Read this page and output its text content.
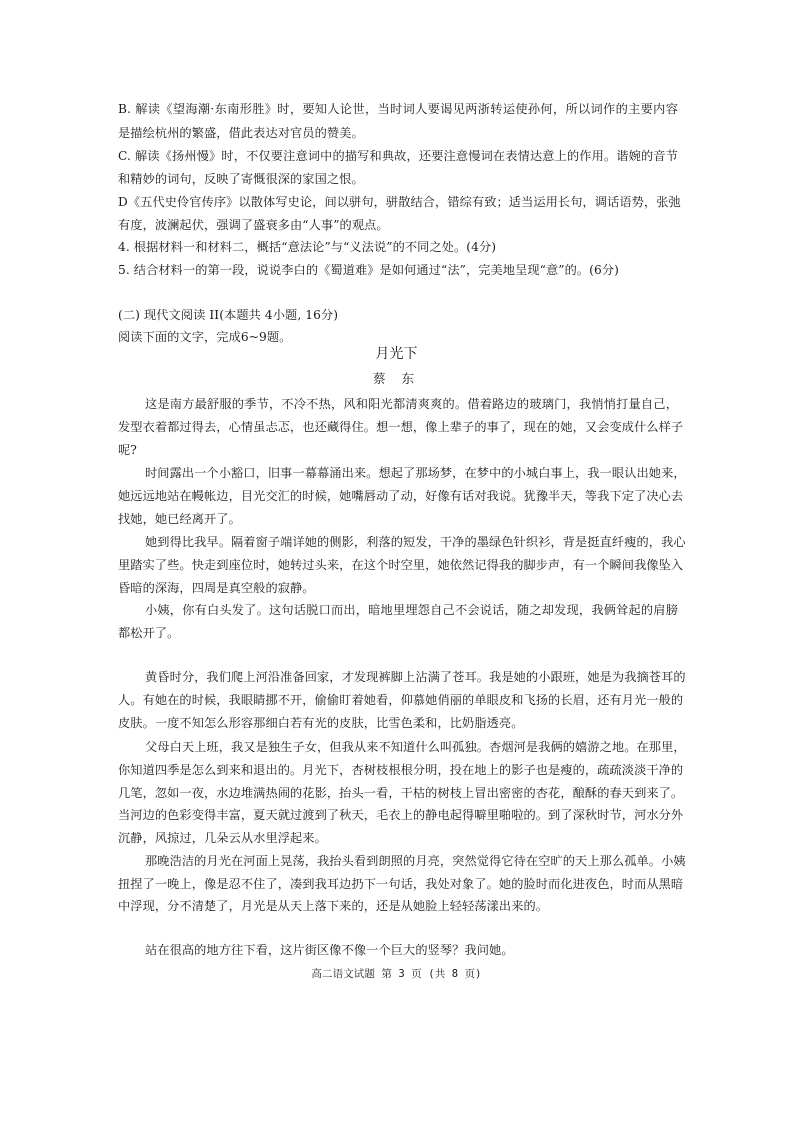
B. 解读《望海潮·东南形胜》时，要知人论世，当时词人要谒见两浙转运使孙何，所以词作的主要内容
是描绘杭州的繁盛，借此表达对官员的赞美。
C. 解读《扬州慢》时，不仅要注意词中的描写和典故，还要注意慢词在表情达意上的作用。谐婉的音节
和精妙的词句，反映了寄慨很深的家国之恨。
D《五代史伶官传序》以散体写史论，间以骈句，骈散结合，错综有致；适当运用长句，调话语势，张弛
有度，波澜起伏，强调了盛衰多由“人事”的观点。
4. 根据材料一和材料二，概括“意法论”与“义法说”的不同之处。(4分)
5. 结合材料一的第一段，说说李白的《蜀道难》是如何通过“法”，完美地呈现“意”的。(6分)
(二) 现代文阅读 II(本题共 4小题, 16分)
阅读下面的文字，完成6~9题。
月光下
蔡 东
这是南方最舒服的季节，不冷不热，风和阳光都清爽爽的。借着路边的玻璃门，我悄悄打量自己，
发型衣着都过得去，心情虽忐忑，也还藏得住。想一想，像上辈子的事了，现在的她，又会变成什么样子
呢?
时间露出一个小豁口，旧事一幕幕涌出来。想起了那场梦，在梦中的小城白事上，我一眼认出她来，
她远远地站在幔帐边，目光交汇的时候，她嘴唇动了动，好像有话对我说。犹豫半天，等我下定了决心去
找她，她已经离开了。
她到得比我早。隔着窗子端详她的侧影，利落的短发，干净的墨绿色针织衫，背是挺直纤瘦的，我心
里踏实了些。快走到座位时，她转过头来，在这个时空里，她依然记得我的脚步声，有一个瞬间我像坠入
昏暗的深海，四周是真空般的寂静。
小姨，你有白头发了。这句话脱口而出，暗地里埋怨自己不会说话，随之却发现，我俩耸起的肩膀
都松开了。
黄昏时分，我们爬上河沿准备回家，才发现裤脚上沾满了苍耳。我是她的小跟班，她是为我摘苍耳的
人。有她在的时候，我眼睛挪不开，偷偷盯着她看，仰慕她俏丽的单眼皮和飞扬的长眉，还有月光一般的
皮肤。一度不知怎么形容那细白若有光的皮肤，比雪色柔和，比奶脂透亮。
父母白天上班，我又是独生子女，但我从来不知道什么叫孤独。杏烟河是我俩的嬉游之地。在那里，
你知道四季是怎么到来和退出的。月光下，杏树枝根根分明，投在地上的影子也是瘦的，疏疏淡淡干净的
几笔，忽如一夜，水边堆满热闹的花影，抬头一看，干枯的树枝上冒出密密的杏花，酿酥的春天到来了。
当河边的色彩变得丰富，夏天就过渡到了秋天，毛衣上的静电起得噼里啪啦的。到了深秋时节，河水分外
沉静，风掠过，几朵云从水里浮起来。
那晚浩洁的月光在河面上晃荡，我抬头看到朗照的月亮，突然觉得它待在空旷的天上那么孤单。小姨
扭捏了一晚上，像是忍不住了，凑到我耳边扔下一句话，我处对象了。她的脸时而化进夜色，时而从黑暗
中浮现，分不清楚了，月光是从天上落下来的，还是从她脸上轻轻荡漾出来的。
站在很高的地方往下看，这片街区像不像一个巨大的竖琴？我问她。
高二语文试题 第 3 页 (共 8 页)
